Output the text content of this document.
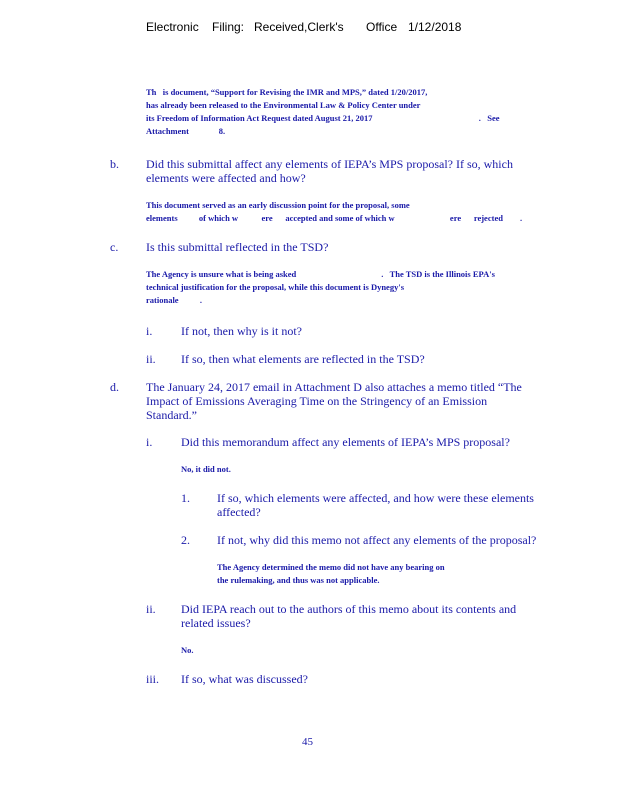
Electronic Filing: Received,Clerk's Office 1/12/2018
Th   is document, “Support for Revising the IMR and MPS,” dated 1/20/2017,
has already been released to the Environmental Law & Policy Center under
its Freedom of Information Act Request dated August 21, 2017                                                  .   See
Attachment              8.
b. Did this submittal affect any elements of IEPA’s MPS proposal? If so, which
elements were affected and how?
This document served as an early discussion point for the proposal, some
elements          of which w           ere      accepted and some of which w                          ere      rejected        .
c. Is this submittal reflected in the TSD?
The Agency is unsure what is being asked                                        .   The TSD is the Illinois EPA's
technical justification for the proposal, while this document is Dynegy's
rationale          .
i. If not, then why is it not?
ii. If so, then what elements are reflected in the TSD?
d. The January 24, 2017 email in Attachment D also attaches a memo titled “The
Impact of Emissions Averaging Time on the Stringency of an Emission
Standard.”
i. Did this memorandum affect any elements of IEPA’s MPS proposal?
No, it did not.
1. If so, which elements were affected, and how were these elements
affected?
2. If not, why did this memo not affect any elements of the proposal?
The Agency determined the memo did not have any bearing on
the rulemaking, and thus was not applicable.
ii. Did IEPA reach out to the authors of this memo about its contents and
related issues?
No.
iii. If so, what was discussed?
45
